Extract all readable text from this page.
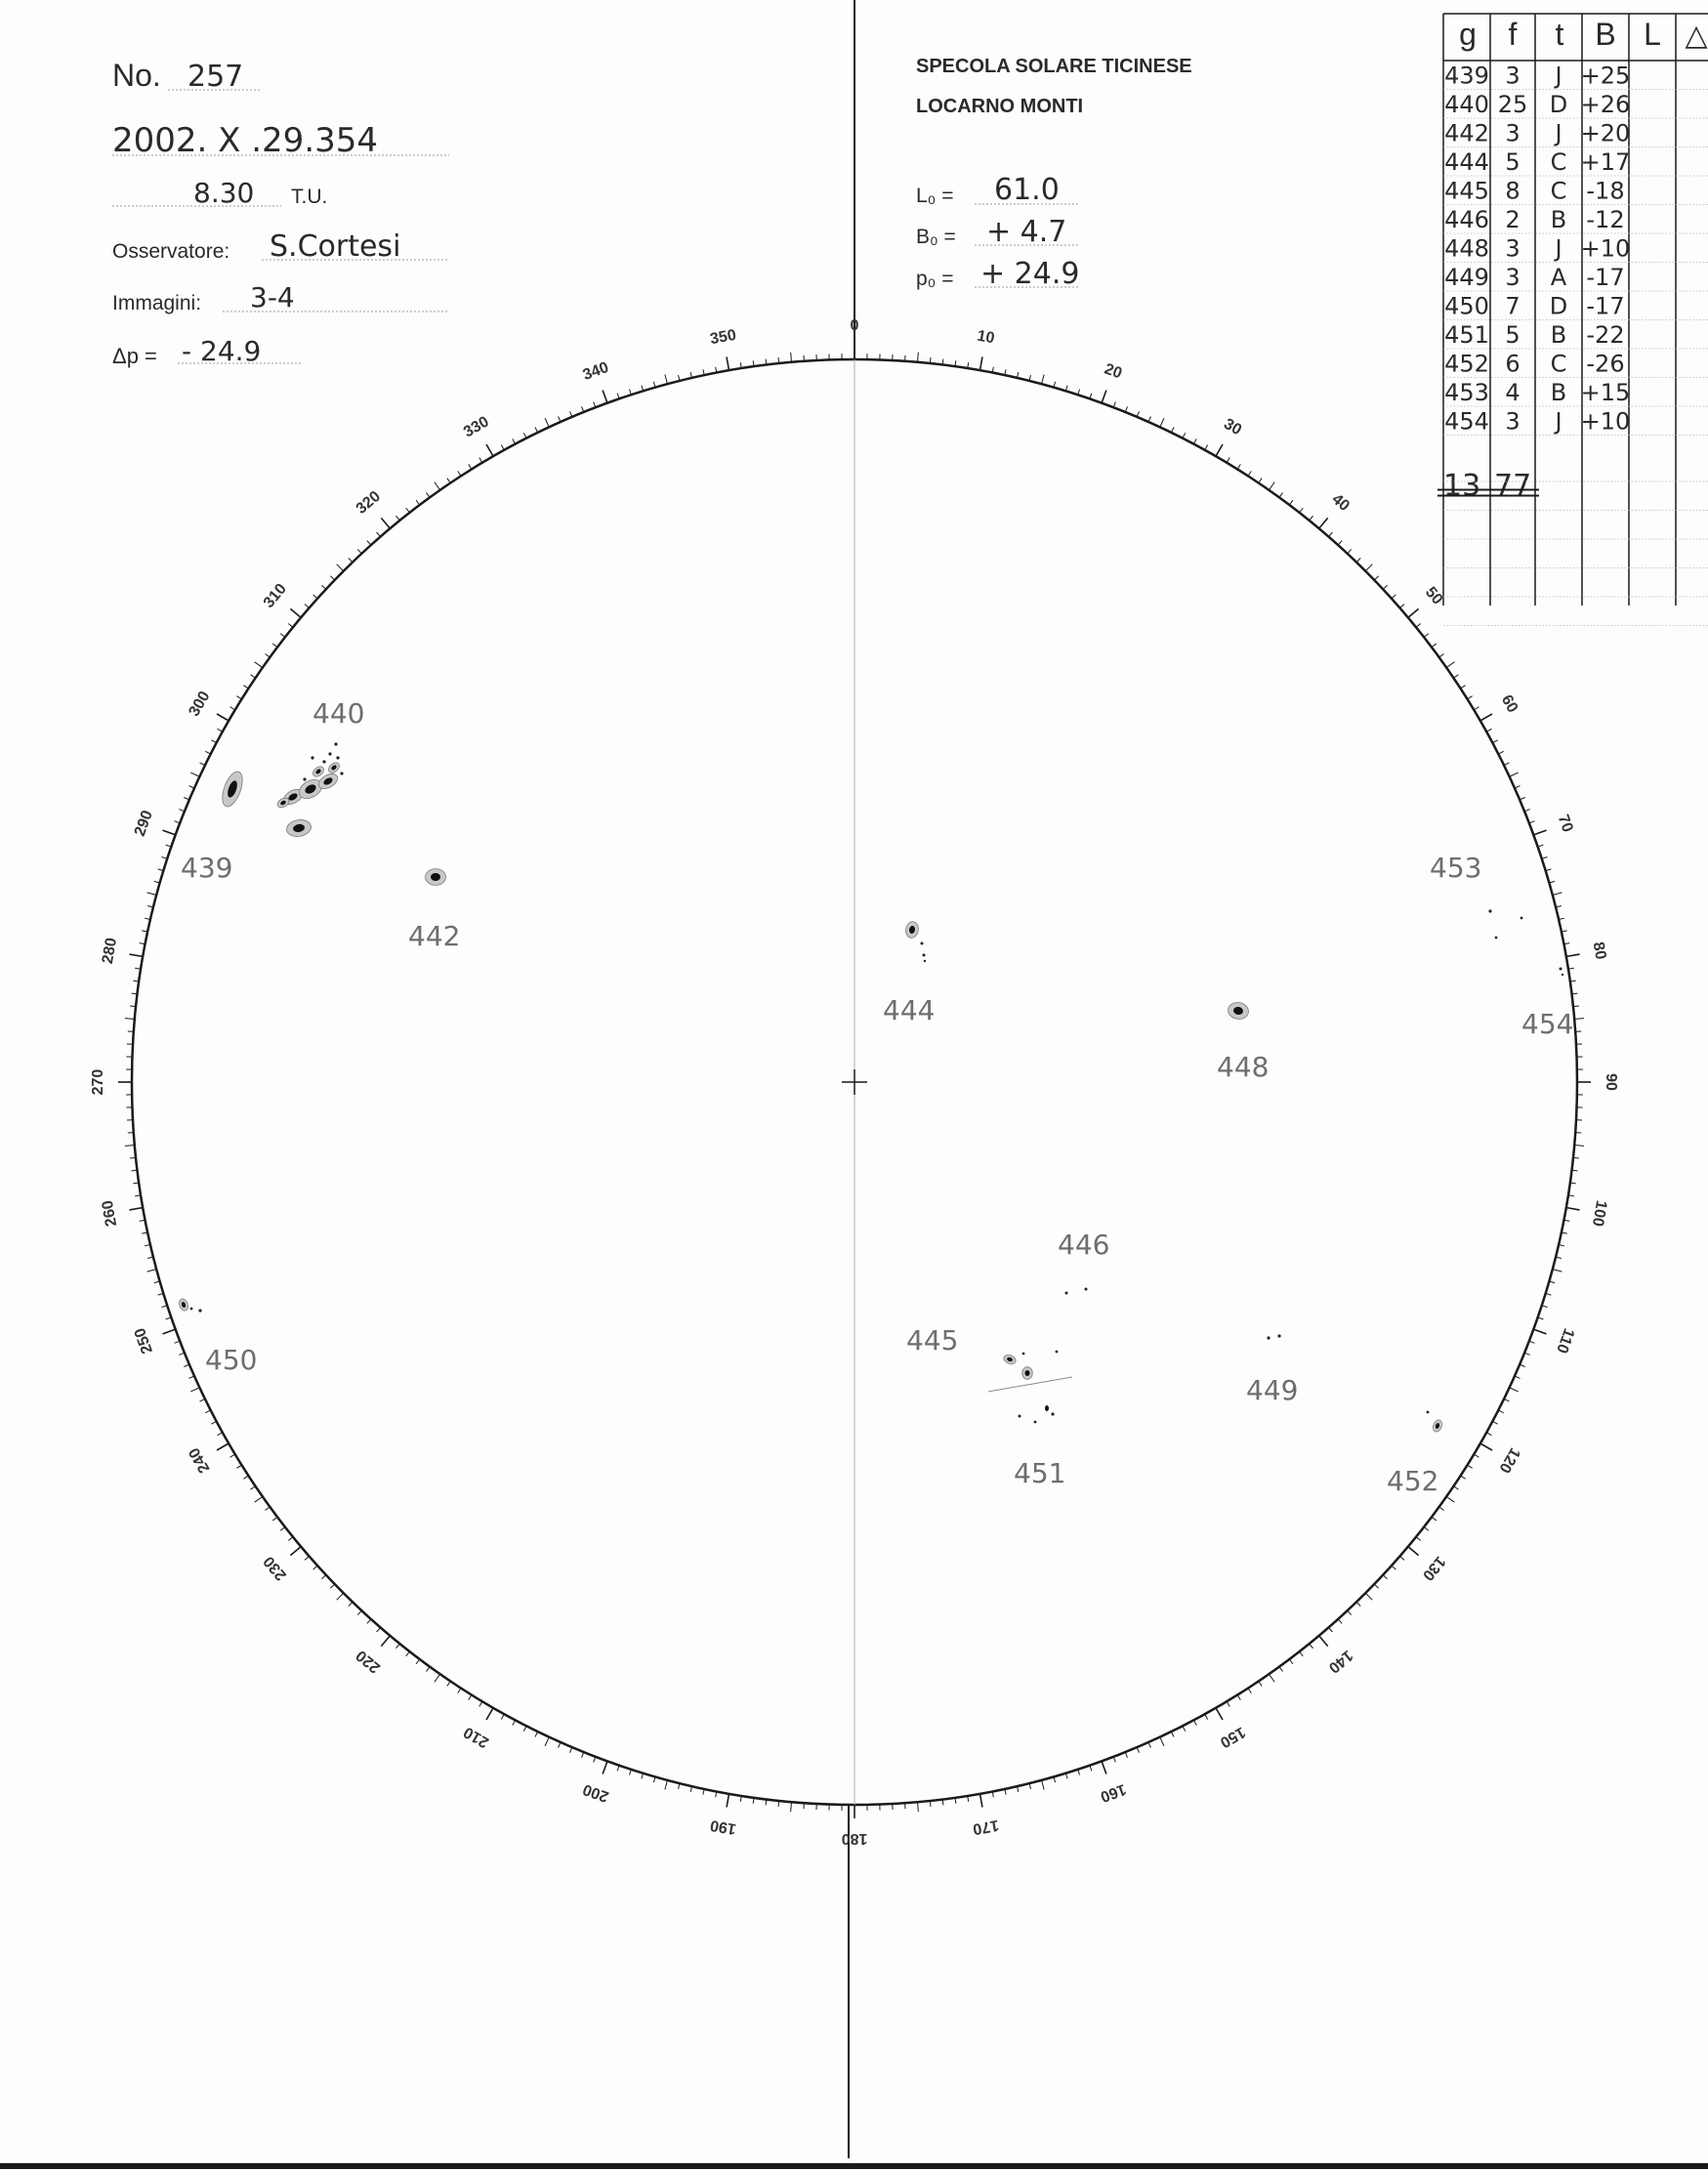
No. 257
2002. X .29.354
8.30 T.U.
Osservatore: S.Cortesi
Immagini: 3-4
Δp = - 24.9
SPECOLA SOLARE TICINESE
LOCARNO MONTI
L₀ = 61.0
B₀ = + 4.7
p₀ = + 24.9
g f t B L △
13 77
439 3 J +25
440 25 D +26
442 3 J +20
444 5 C +17
445 8 C -18
446 2 B -12
448 3 J +10
449 3 A -17
450 7 D -17
451 5 B -22
452 6 C -26
453 4 B +15
454 3 J +10
0
10
20
30
40
50
60
70
80
90
100
110
120
130
140
150
160
170
180
190
200
210
220
230
240
250
260
270
280
290
300
310
320
330
340
350
440
439
442
444
448
453
454
446
445
449
450
451	452
